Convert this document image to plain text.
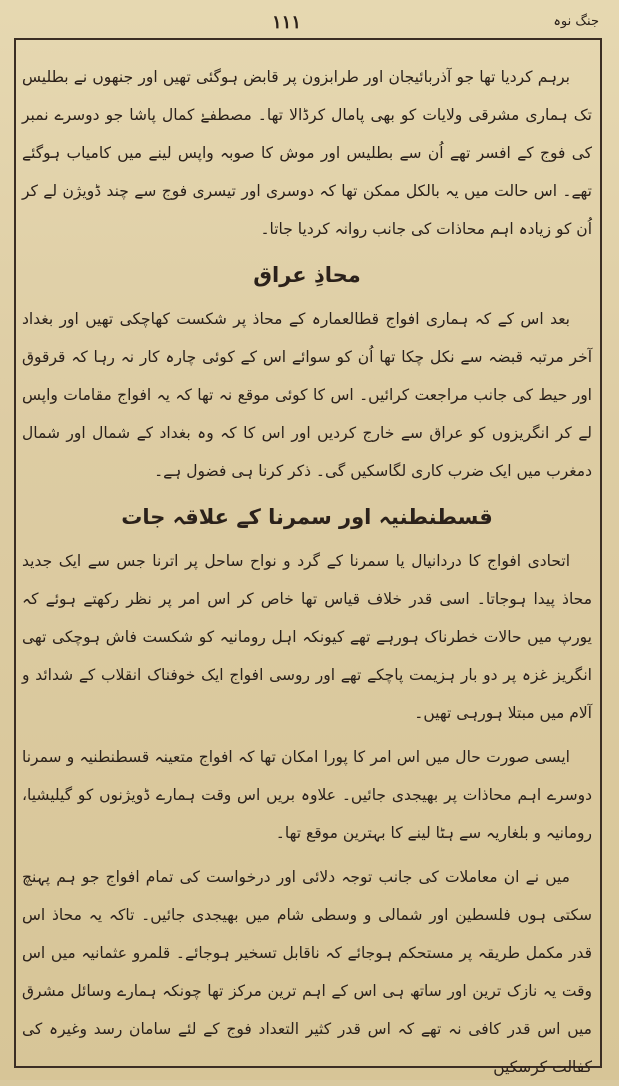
۱۱۱	جنگ نوہ

برہم کردیا تھا جو آذربائیجان اور طرابزون پر قابض ہوگئی تھیں اور جنھوں نے بطلیس تک ہماری مشرقی ولایات کو بھی پامال کرڈالا تھا۔ مصطفےٰ کمال پاشا جو دوسرے نمبر کی فوج کے افسر تھے اُن سے بطلیس اور موش کا صوبہ واپس لینے میں کامیاب ہوگئے تھے۔ اس حالت میں یہ بالکل ممکن تھا کہ دوسری اور تیسری فوج سے چند ڈویژن لے کر اُن کو زیادہ اہم محاذات کی جانب روانہ کردیا جاتا۔

محاذِ عراق

بعد اس کے کہ ہماری افواج قطالعمارہ کے محاذ پر شکست کھاچکی تھیں اور بغداد آخر مرتبہ قبضہ سے نکل چکا تھا اُن کو سوائے اس کے کوئی چارہ کار نہ رہا کہ قرقوق اور حیط کی جانب مراجعت کرائیں۔ اس کا کوئی موقع نہ تھا کہ یہ افواج مقامات واپس لے کر انگریزوں کو عراق سے خارج کردیں اور اس کا کہ وہ بغداد کے شمال اور شمال دمغرب میں ایک ضرب کاری لگاسکیں گی۔ ذکر کرنا ہی فضول ہے۔

قسطنطنیہ اور سمرنا کے علاقہ جات

اتحادی افواج کا دردانیال یا سمرنا کے گرد و نواح ساحل پر اترنا جس سے ایک جدید محاذ پیدا ہوجاتا۔ اسی قدر خلاف قیاس تھا خاص کر اس امر پر نظر رکھتے ہوئے کہ یورپ میں حالات خطرناک ہورہے تھے کیونکہ اہل رومانیہ کو شکست فاش ہوچکی تھی انگریز غزہ پر دو بار ہزیمت پاچکے تھے اور روسی افواج ایک خوفناک انقلاب کے شدائد و آلام میں مبتلا ہورہی تھیں۔

ایسی صورت حال میں اس امر کا پورا امکان تھا کہ افواج متعینہ قسطنطنیہ و سمرنا دوسرے اہم محاذات پر بھیجدی جائیں۔ علاوہ بریں اس وقت ہمارے ڈویژنوں کو گیلیشیا، رومانیہ و بلغاریہ سے ہٹا لینے کا بہترین موقع تھا۔

میں نے ان معاملات کی جانب توجہ دلائی اور درخواست کی تمام افواج جو ہم پہنچ سکتی ہوں فلسطین اور شمالی و وسطی شام میں بھیجدی جائیں۔ تاکہ یہ محاذ اس قدر مکمل طریقہ پر مستحکم ہوجائے کہ ناقابل تسخیر ہوجائے۔ قلمرو عثمانیہ میں اس وقت یہ نازک ترین اور ساتھ ہی اس کے اہم ترین مرکز تھا چونکہ ہمارے وسائل مشرق میں اس قدر کافی نہ تھے کہ اس قدر کثیر التعداد فوج کے لئے سامان رسد وغیرہ کی کفالت کرسکیں
